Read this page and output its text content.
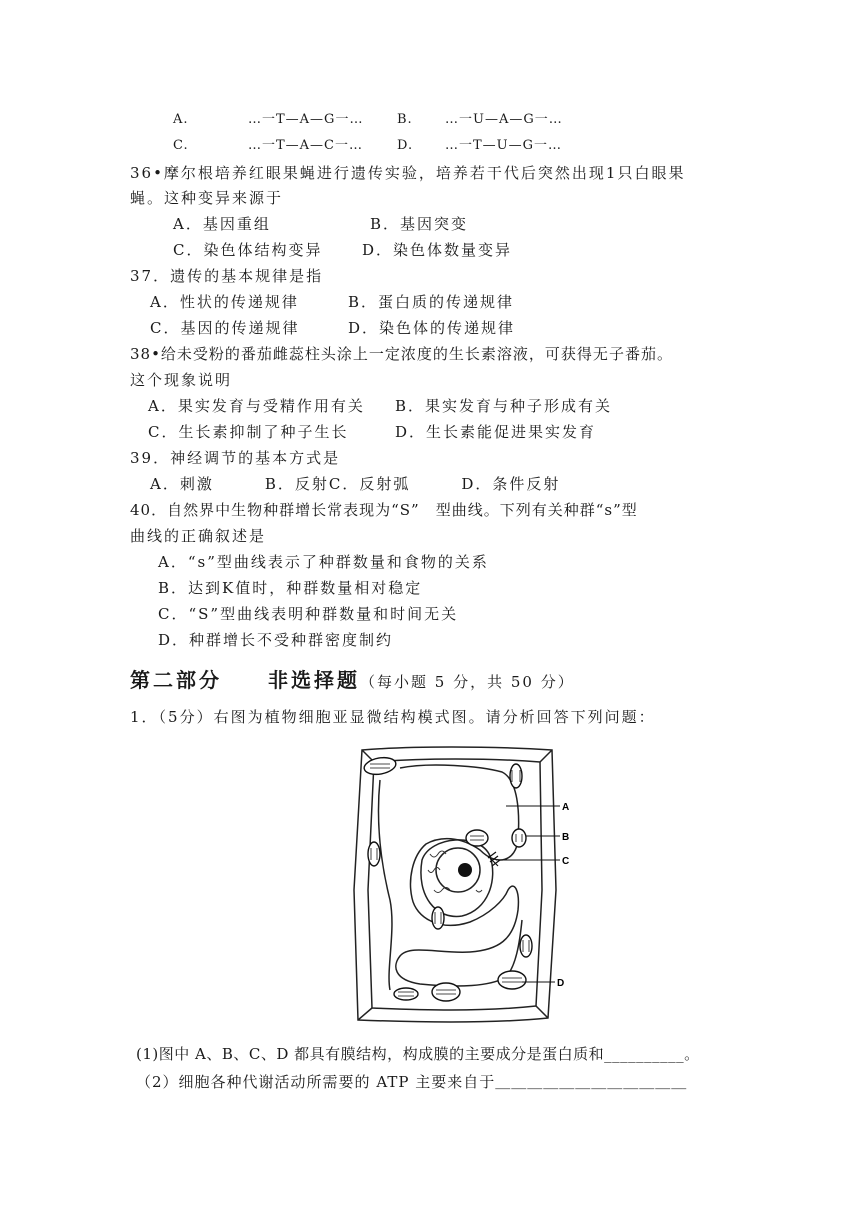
A.	…一T—A—G一…	B. …一U—A—G一…
C.	…一T—A—C一…	D. …一T—U—G一…
36•摩尔根培养红眼果蝇进行遗传实验，培养若干代后突然出现1只白眼果
蝇。这种变异来源于
A．基因重组	B．基因突变
C．染色体结构变异	D．染色体数量变异
37．遗传的基本规律是指
A．性状的传递规律	B．蛋白质的传递规律
C．基因的传递规律	D．染色体的传递规律
38•给未受粉的番茄雌蕊柱头涂上一定浓度的生长素溶液，可获得无子番茄。
这个现象说明
A．果实发育与受精作用有关 B．果实发育与种子形成有关
C．生长素抑制了种子生长	D．生长素能促进果实发育
39．神经调节的基本方式是
A．刺激　　　B．反射C．反射弧　　　D．条件反射
40．自然界中生物种群增长常表现为“S”　型曲线。下列有关种群“s”型
曲线的正确叙述是
A．“s”型曲线表示了种群数量和食物的关系
B．达到K值时，种群数量相对稳定
C．“S”型曲线表明种群数量和时间无关
D．种群增长不受种群密度制约
第二部分　　非选择题（每小题 5 分，共 50 分）
1．（5分）右图为植物细胞亚显微结构模式图。请分析回答下列问题：
A
B
C
D
(1)图中 A、B、C、D 都具有膜结构，构成膜的主要成分是蛋白质和__________。
（2）细胞各种代谢活动所需要的 ATP 主要来自于＿＿＿＿＿＿＿＿＿＿＿＿
